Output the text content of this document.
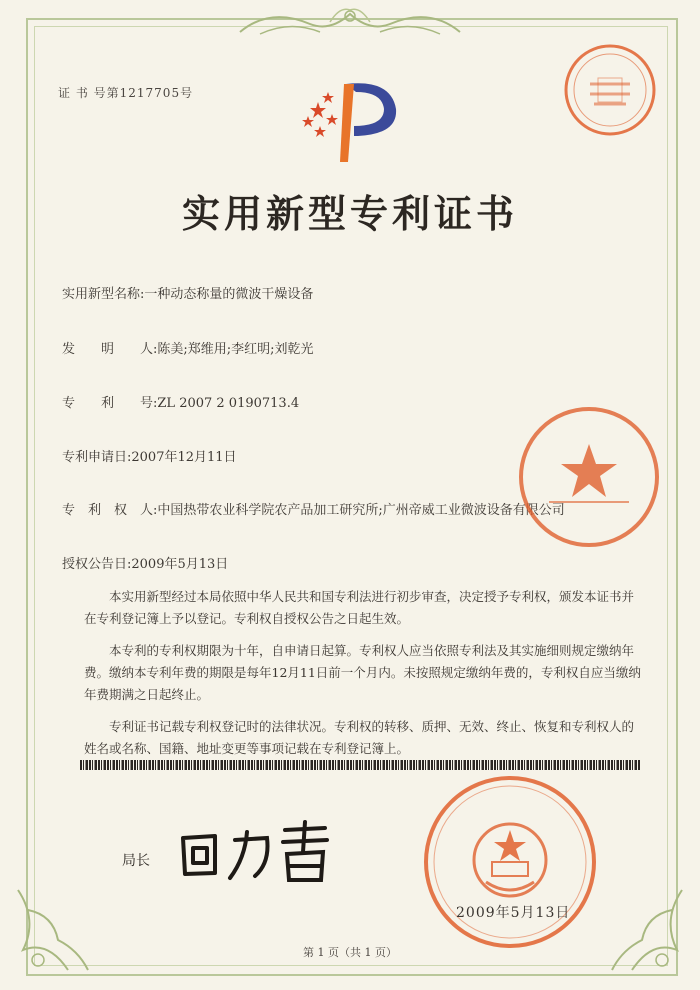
证 书 号第1217705号
实用新型专利证书
实用新型名称:一种动态称量的微波干燥设备
发　　明　　人:陈美;郑维用;李红明;刘乾光
专　　利　　号:ZL 2007 2 0190713.4
专利申请日:2007年12月11日
专　利　权　人:中国热带农业科学院农产品加工研究所;广州帝威工业微波设备有限公司
授权公告日:2009年5月13日

本实用新型经过本局依照中华人民共和国专利法进行初步审查，决定授予专利权，颁发本证书并在专利登记簿上予以登记。专利权自授权公告之日起生效。

本专利的专利权期限为十年，自申请日起算。专利权人应当依照专利法及其实施细则规定缴纳年费。缴纳本专利年费的期限是每年12月11日前一个月内。未按照规定缴纳年费的，专利权自应当缴纳年费期满之日起终止。

专利证书记载专利权登记时的法律状况。专利权的转移、质押、无效、终止、恢复和专利权人的姓名或名称、国籍、地址变更等事项记载在专利登记簿上。

局长
2009年5月13日
第 1 页（共 1 页）
